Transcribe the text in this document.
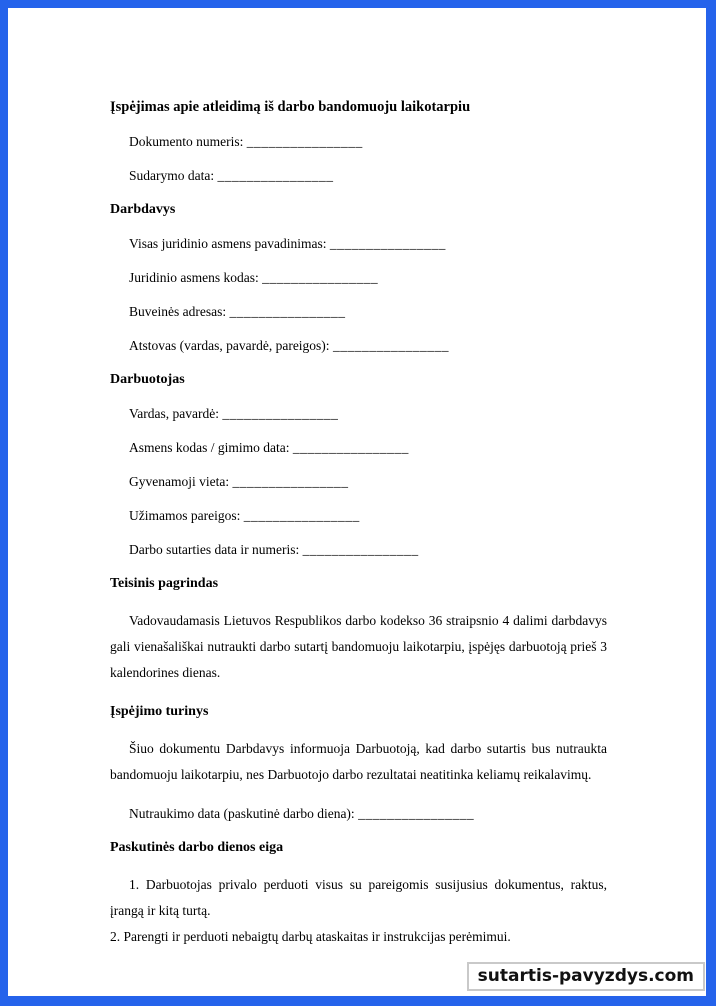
Įspėjimas apie atleidimą iš darbo bandomuoju laikotarpiu
Dokumento numeris: ________________
Sudarymo data: ________________
Darbdavys
Visas juridinio asmens pavadinimas: ________________
Juridinio asmens kodas: ________________
Buveinės adresas: ________________
Atstovas (vardas, pavardė, pareigos): ________________
Darbuotojas
Vardas, pavardė: ________________
Asmens kodas / gimimo data: ________________
Gyvenamoji vieta: ________________
Užimamos pareigos: ________________
Darbo sutarties data ir numeris: ________________
Teisinis pagrindas

Vadovaudamasis Lietuvos Respublikos darbo kodekso 36 straipsnio 4 dalimi darbdavys gali vienašališkai nutraukti darbo sutartį bandomuoju laikotarpiu, įspėjęs darbuotoją prieš 3 kalendorines dienas.

Įspėjimo turinys

Šiuo dokumentu Darbdavys informuoja Darbuotoją, kad darbo sutartis bus nutraukta bandomuoju laikotarpiu, nes Darbuotojo darbo rezultatai neatitinka keliamų reikalavimų.

Nutraukimo data (paskutinė darbo diena): ________________
Paskutinės darbo dienos eiga

1. Darbuotojas privalo perduoti visus su pareigomis susijusius dokumentus, raktus, įrangą ir kitą turtą.

2. Parengti ir perduoti nebaigtų darbų ataskaitas ir instrukcijas perėmimui.

sutartis-pavyzdys.com
